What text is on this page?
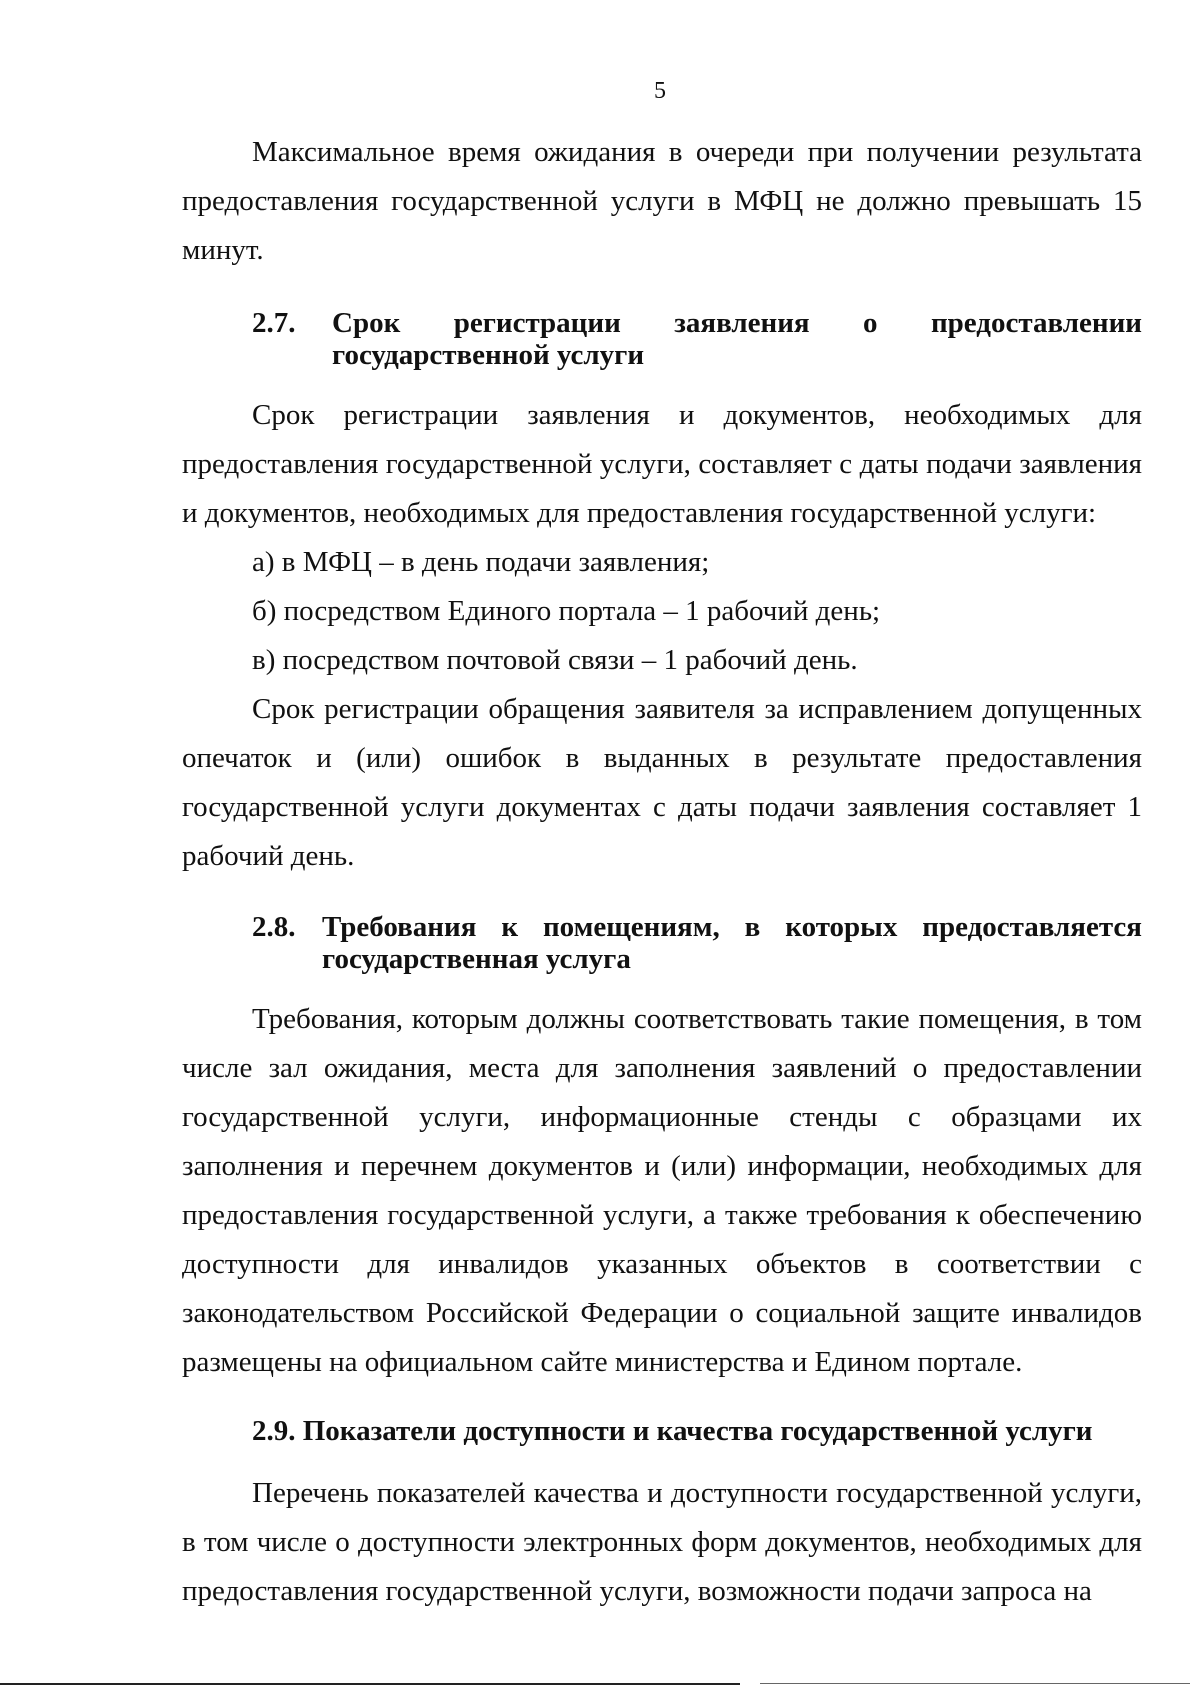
5

Максимальное время ожидания в очереди при получении результата предоставления государственной услуги в МФЦ не должно превышать 15 минут.

2.7.	Срок регистрации заявления о предоставлении государственной услуги

Срок регистрации заявления и документов, необходимых для предоставления государственной услуги, составляет с даты подачи заявления и документов, необходимых для предоставления государственной услуги:

а) в МФЦ – в день подачи заявления;
б) посредством Единого портала – 1 рабочий день;
в) посредством почтовой связи – 1 рабочий день.

Срок регистрации обращения заявителя за исправлением допущенных опечаток и (или) ошибок в выданных в результате предоставления государственной услуги документах с даты подачи заявления составляет 1 рабочий день.

2.8. Требования к помещениям, в которых предоставляется государственная услуга

Требования, которым должны соответствовать такие помещения, в том числе зал ожидания, места для заполнения заявлений о предоставлении государственной услуги, информационные стенды с образцами их заполнения и перечнем документов и (или) информации, необходимых для предоставления государственной услуги, а также требования к обеспечению доступности для инвалидов указанных объектов в соответствии с законодательством Российской Федерации о социальной защите инвалидов размещены на официальном сайте министерства и Едином портале.

2.9. Показатели доступности и качества государственной услуги

Перечень показателей качества и доступности государственной услуги, в том числе о доступности электронных форм документов, необходимых для предоставления государственной услуги, возможности подачи запроса на
